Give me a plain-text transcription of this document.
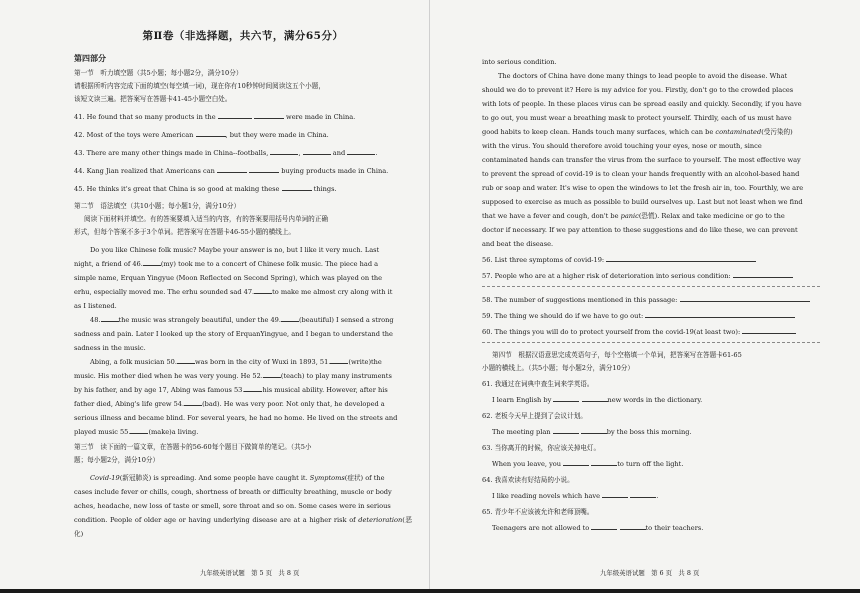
第Ⅱ卷（非选择题，共六节，满分65分）
第四部分
第一节　听力填空题（共5小题；每小题2分，满分10分）
请根据所听内容完成下面的填空(每空填一词)，现在你有10秒钟时间阅读这五个小题，
该短文读三遍。把答案写在答题卡41-45小题空白处。
41. He found that so many products in the	were made in China.
42. Most of the toys were American	, but they were made in China.
43. There are many other things made in China--footballs,	,	and	.
44. Kang Jian realized that Americans can	buying products made in China.
45. He thinks it's great that China is so good at making these	things.
第二节　语法填空（共10小题；每小题1分，满分10分）
阅读下面材料并填空。有的答案要填入适当的内容，有的答案要用括号内单词的正确
形式，但每个答案不多于3个单词。把答案写在答题卡46-55小题的横线上。
Do you like Chinese folk music? Maybe your answer is no, but I like it very much. Last
night, a friend of 46.	(my) took me to a concert of Chinese folk music. The piece had a
simple name, Erquan Yingyue (Moon Reflected on Second Spring), which was played on the
erhu, especially moved me. The erhu sounded sad 47.	to make me almost cry along with it
as I listened.
48.	the music was strangely beautiful, under the 49.	(beautiful) I sensed a strong
sadness and pain. Later I looked up the story of ErquanYingyue, and I began to understand the
sadness in the music.
Abing, a folk musician 50.	was born in the city of Wuxi in 1893, 51.	(write)the
music. His mother died when he was very young. He 52.	(teach) to play many instruments
by his father, and by age 17, Abing was famous 53.	his musical ability. However, after his
father died, Abing's life grew 54.	(bad). He was very poor. Not only that, he developed a
serious illness and became blind. For several years, he had no home. He lived on the streets and
played music 55.	(make)a living.
第三节　读下面的一篇文章，在答题卡的56-60每个题目下做简单的笔记。（共5小
题；每小题2分，满分10分）
Covid-19(新冠肺炎) is spreading. And some people have caught it. Symptoms(症状) of the
cases include fever or chills, cough, shortness of breath or difficulty breathing, muscle or body
aches, headache, new loss of taste or smell, sore throat and so on. Some cases were in serious
condition. People of older age or having underlying disease are at a higher risk of deterioration(恶化)
九年级英语试题　第 5 页　共 8 页
into serious condition.
The doctors of China have done many things to lead people to avoid the disease. What
should we do to prevent it? Here is my advice for you. Firstly, don't go to the crowded places
with lots of people. In these places virus can be spread easily and quickly. Secondly, if you have
to go out, you must wear a breathing mask to protect yourself. Thirdly, each of us must have
good habits to keep clean. Hands touch many surfaces, which can be contaminated(受污染的)
with the virus. You should therefore avoid touching your eyes, nose or mouth, since
contaminated hands can transfer the virus from the surface to yourself. The most effective way
to prevent the spread of covid-19 is to clean your hands frequently with an alcohol-based hand
rub or soap and water. It's wise to open the windows to let the fresh air in, too. Fourthly, we are
supposed to exercise as much as possible to build ourselves up. Last but not least when we find
that we have a fever and cough, don't be panic(恐慌). Relax and take medicine or go to the
doctor if necessary. If we pay attention to these suggestions and do like these, we can prevent
and beat the disease.
56. List three symptoms of covid-19:
57. People who are at a higher risk of deterioration into serious condition:
58. The number of suggestions mentioned in this passage:
59. The thing we should do if we have to go out:
60. The things you will do to protect yourself from the covid-19(at least two):
第四节　根据汉语意思完成英语句子，每个空格填一个单词，把答案写在答题卡61-65
小题的横线上。（共5小题；每小题2分，满分10分）
61. 我通过在词典中查生词来学英语。
I learn English by	new words in the dictionary.
62. 老板今天早上提到了会议计划。
The meeting plan	by the boss this morning.
63. 当你离开的时候，你应该关掉电灯。
When you leave, you	to turn off the light.
64. 我喜欢读有好结局的小说。
I like reading novels which have	.
65. 青少年不应该被允许和老师顶嘴。
Teenagers are not allowed to	to their teachers.
九年级英语试题　第 6 页　共 8 页
